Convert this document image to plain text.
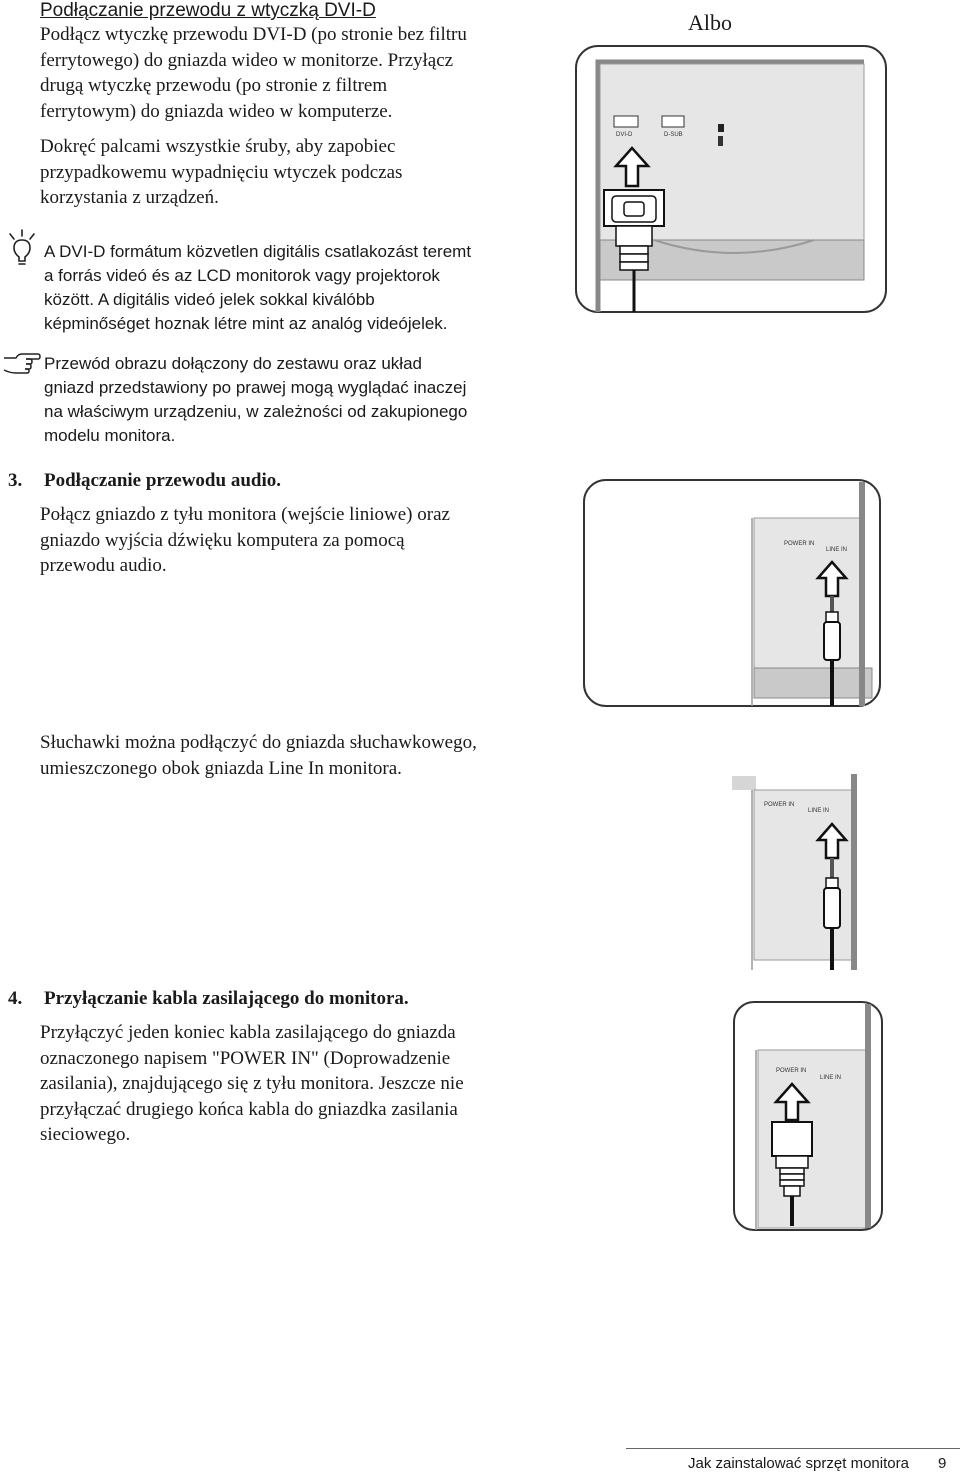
Podłączanie przewodu z wtyczką DVI-D
Podłącz wtyczkę przewodu DVI-D (po stronie bez filtru
ferrytowego) do gniazda wideo w monitorze. Przyłącz
drugą wtyczkę przewodu (po stronie z filtrem
ferrytowym) do gniazda wideo w komputerze.
Dokręć palcami wszystkie śruby, aby zapobiec
przypadkowemu wypadnięciu wtyczek podczas
korzystania z urządzeń.
Albo
A DVI-D formátum közvetlen digitális csatlakozást teremt
a forrás videó és az LCD monitorok vagy projektorok
között. A digitális videó jelek sokkal kiválóbb
képminőséget hoznak létre mint az analóg videójelek.
Przewód obrazu dołączony do zestawu oraz układ
gniazd przedstawiony po prawej mogą wyglądać inaczej
na właściwym urządzeniu, w zależności od zakupionego
modelu monitora.
3. Podłączanie przewodu audio.
Połącz gniazdo z tyłu monitora (wejście liniowe) oraz
gniazdo wyjścia dźwięku komputera za pomocą
przewodu audio.
Słuchawki można podłączyć do gniazda słuchawkowego,
umieszczonego obok gniazda Line In monitora.
4. Przyłączanie kabla zasilającego do monitora.
Przyłączyć jeden koniec kabla zasilającego do gniazda
oznaczonego napisem "POWER IN" (Doprowadzenie
zasilania), znajdującego się z tyłu monitora. Jeszcze nie
przyłączać drugiego końca kabla do gniazdka zasilania
sieciowego.
DVI-D	D-SUB
POWER IN
LINE IN
POWER IN
LINE IN
POWER IN
LINE IN
Jak zainstalować sprzęt monitora 9
